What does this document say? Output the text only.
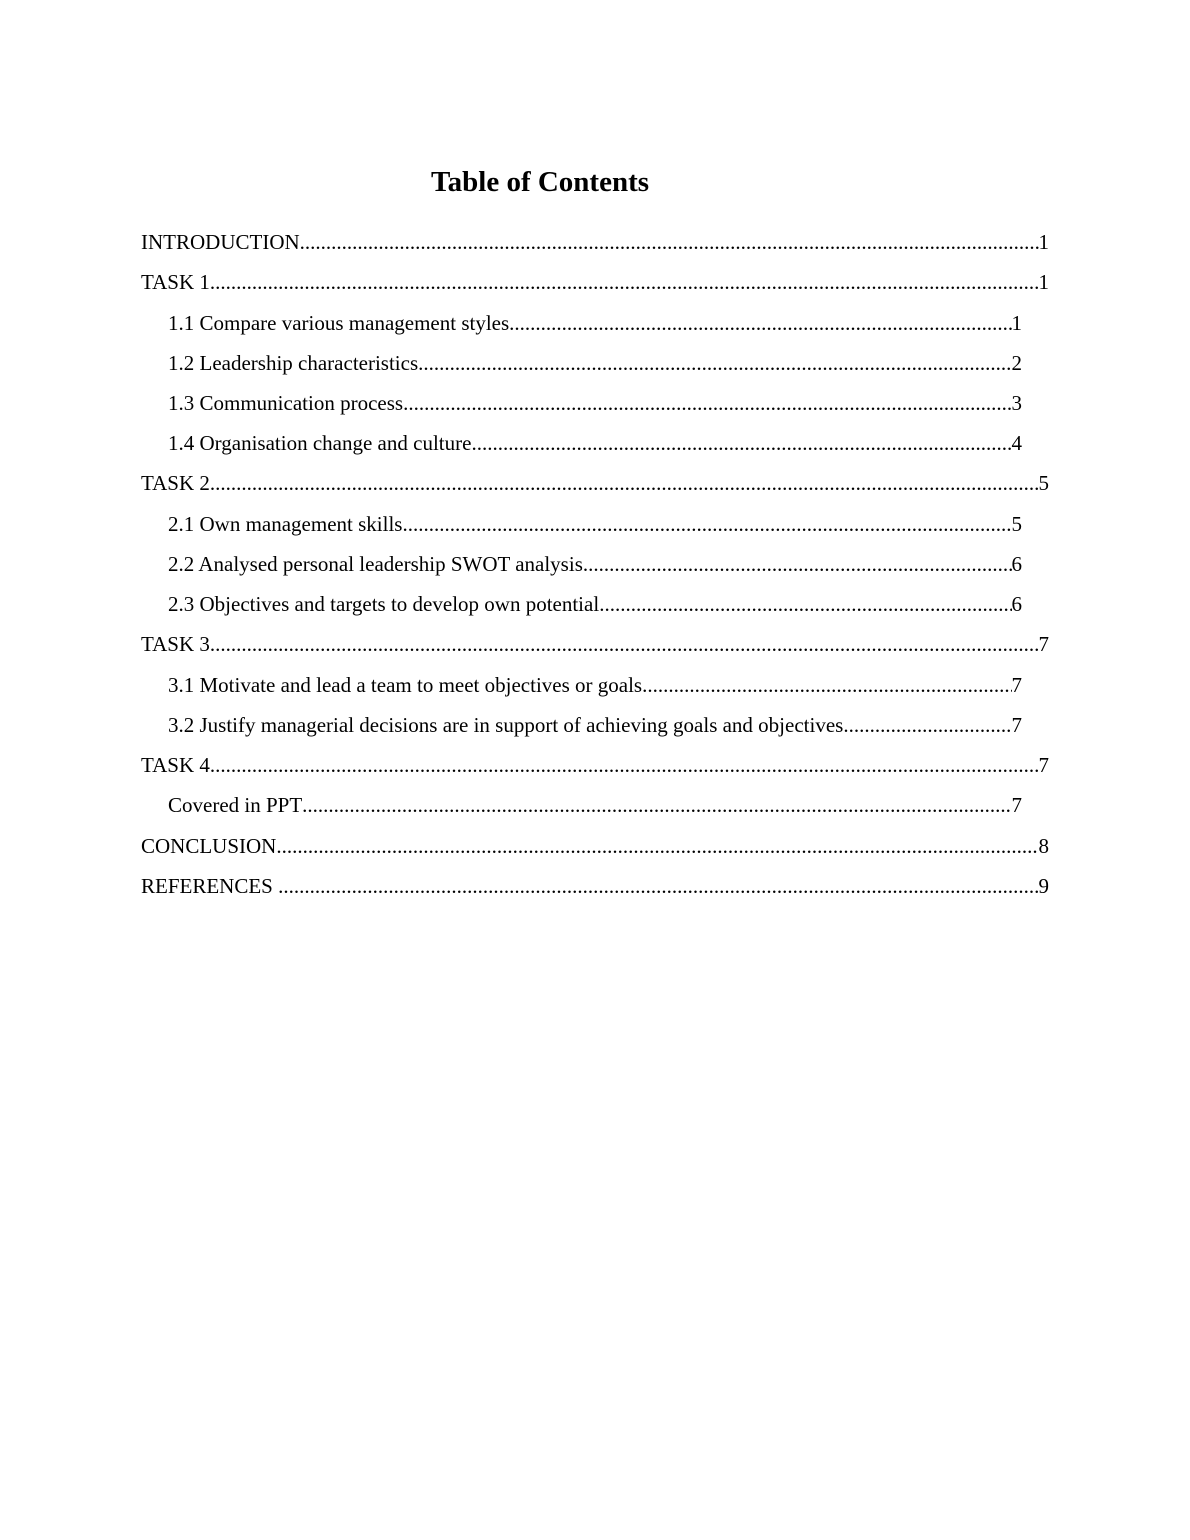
Table of Contents
INTRODUCTION .....	1
TASK 1 .....	1
1.1 Compare various management styles .....	1
1.2 Leadership characteristics .....	2
1.3 Communication process .....	3
1.4 Organisation change and culture .....	4
TASK 2 .....	5
2.1 Own management skills .....	5
2.2 Analysed personal leadership SWOT analysis .....	6
2.3 Objectives and targets to develop own potential .....	6
TASK 3 .....	7
3.1 Motivate and lead a team to meet objectives or goals .....	7
3.2 Justify managerial decisions are in support of achieving goals and objectives .....	7
TASK 4 .....	7
Covered in PPT .....	7
CONCLUSION .....	8
REFERENCES .....	9
